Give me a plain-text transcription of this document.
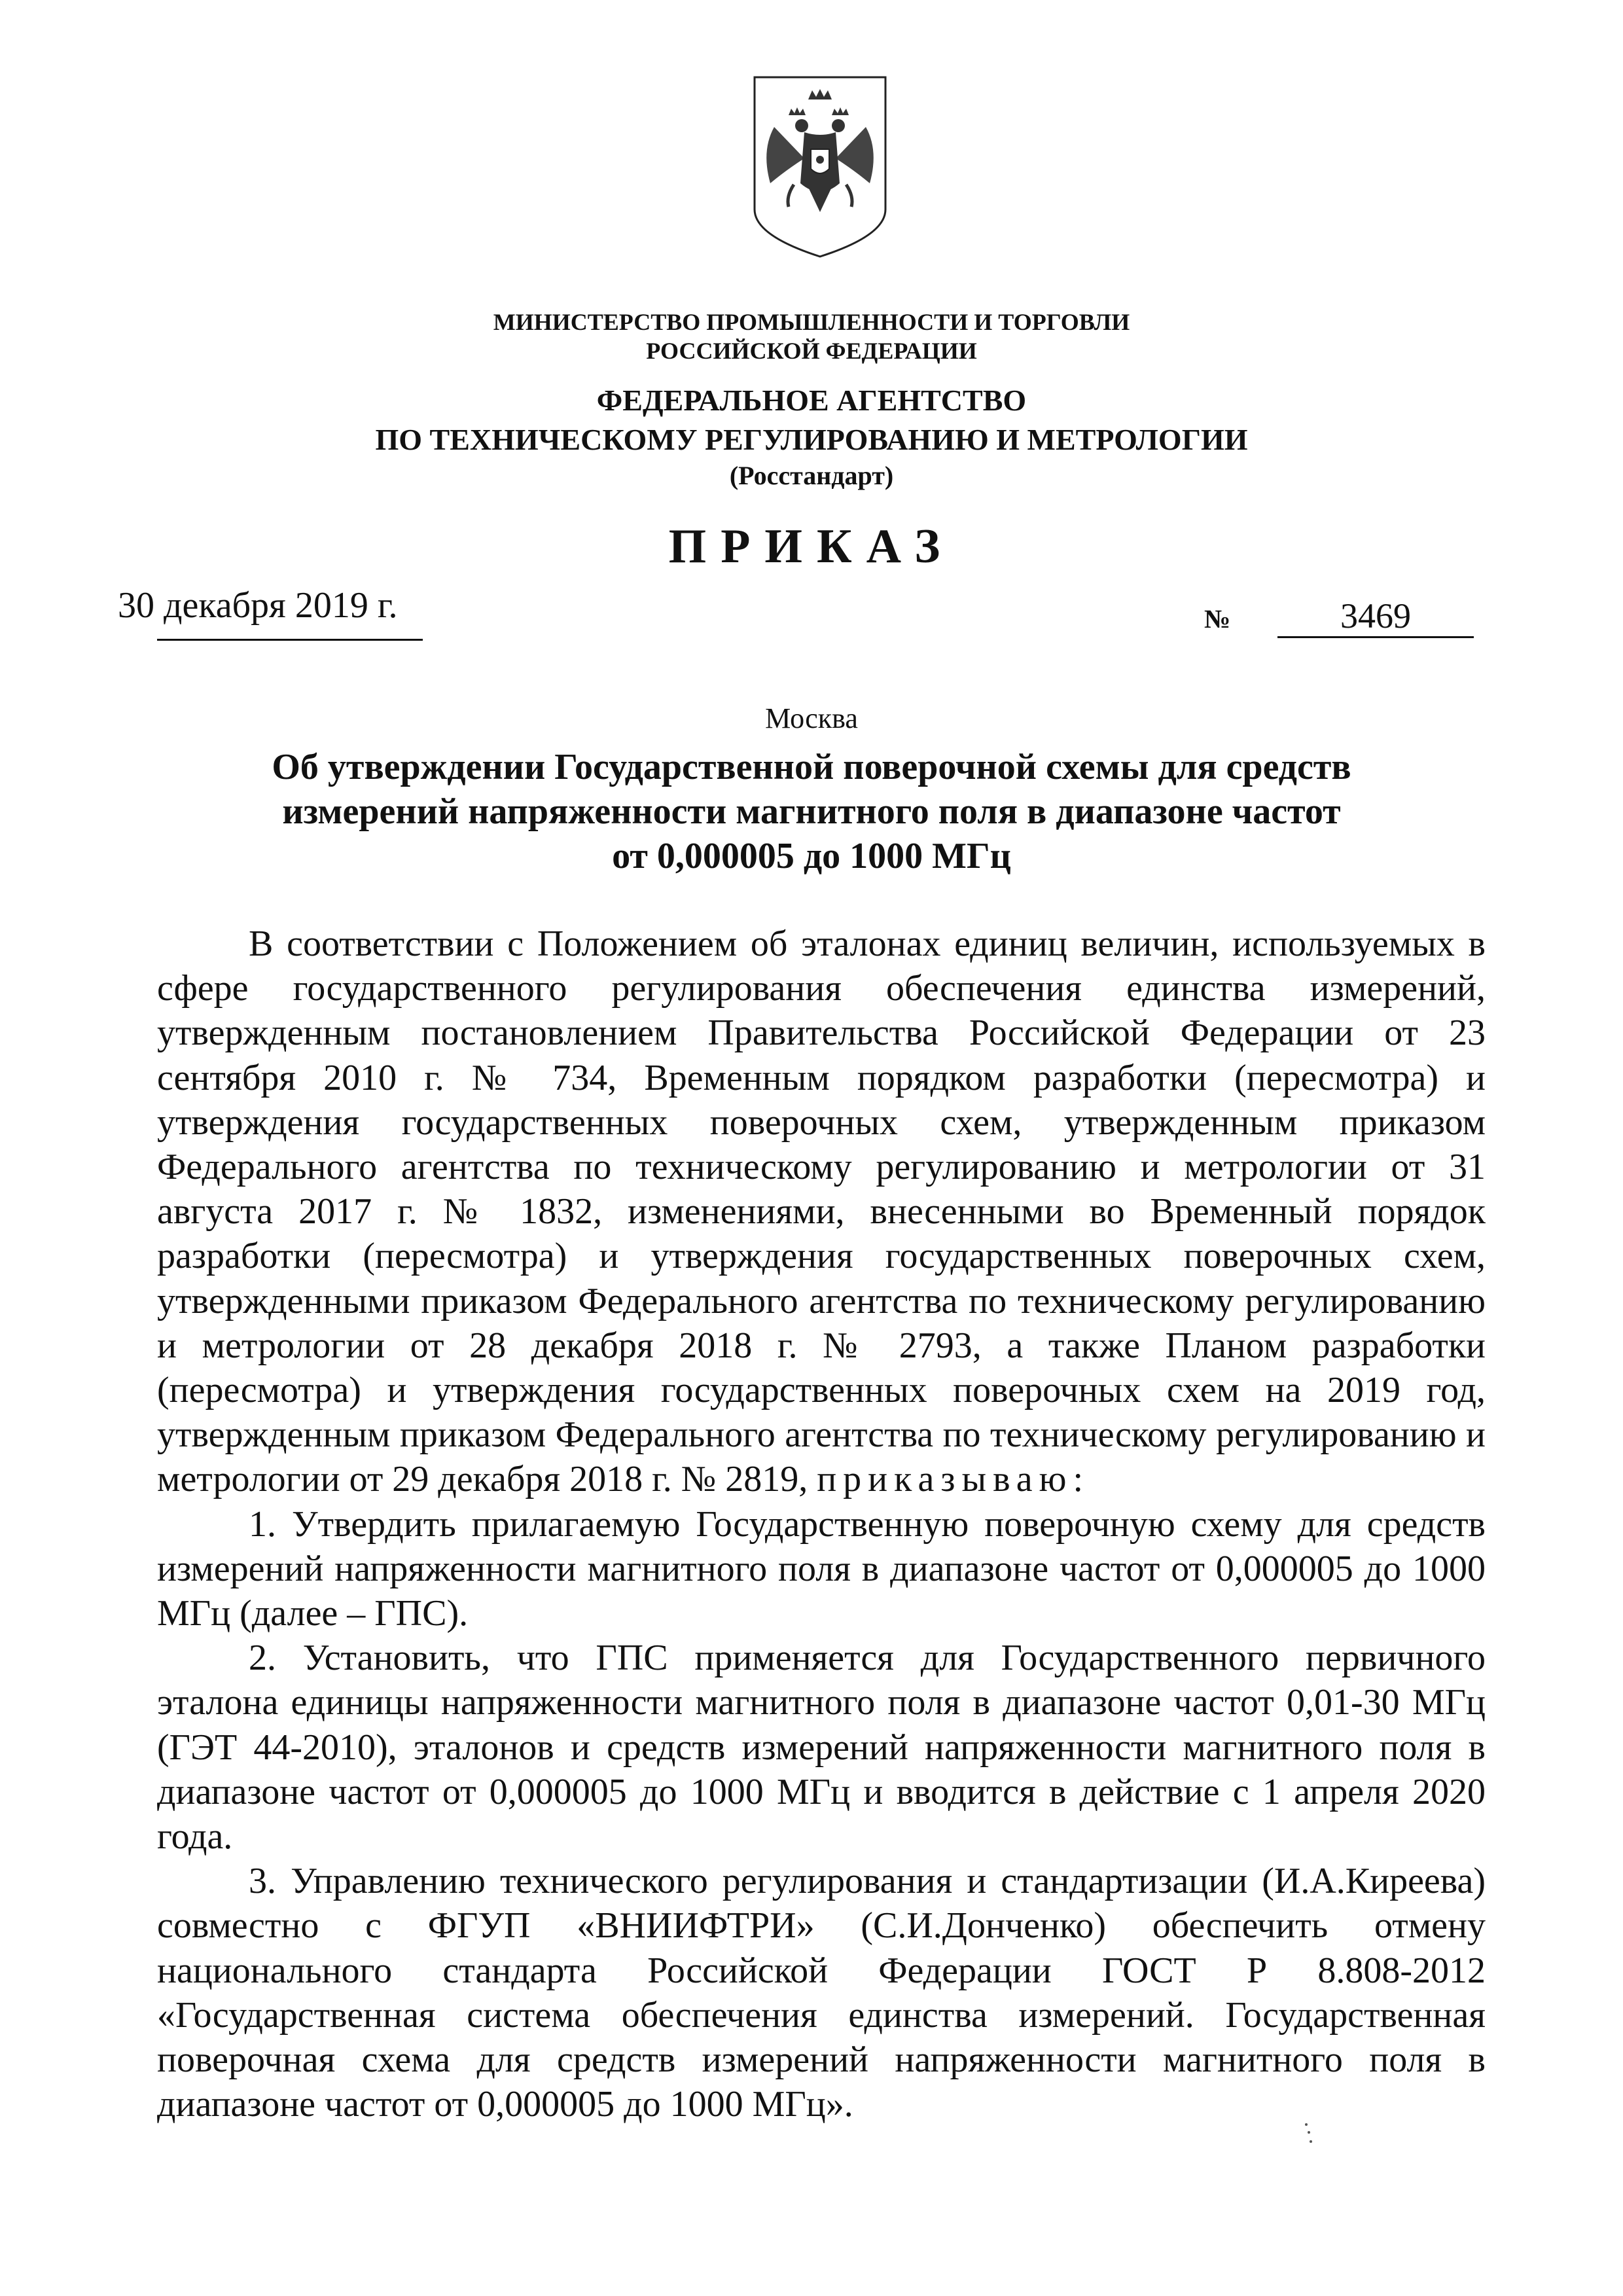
МИНИСТЕРСТВО ПРОМЫШЛЕННОСТИ И ТОРГОВЛИ
РОССИЙСКОЙ ФЕДЕРАЦИИ
ФЕДЕРАЛЬНОЕ АГЕНТСТВО
ПО ТЕХНИЧЕСКОМУ РЕГУЛИРОВАНИЮ И МЕТРОЛОГИИ
(Росстандарт)
ПРИКАЗ
30 декабря 2019 г.	№	3469
Москва
Об утверждении Государственной поверочной схемы для средств
измерений напряженности магнитного поля в диапазоне частот
от 0,000005 до 1000 МГц

В соответствии с Положением об эталонах единиц величин, используемых в сфере государственного регулирования обеспечения единства измерений, утвержденным постановлением Правительства Российской Федерации от 23 сентября 2010 г. № 734, Временным порядком разработки (пересмотра) и утверждения государственных поверочных схем, утвержденным приказом Федерального агентства по техническому регулированию и метрологии от 31 августа 2017 г. № 1832, изменениями, внесенными во Временный порядок разработки (пересмотра) и утверждения государственных поверочных схем, утвержденными приказом Федерального агентства по техническому регулированию и метрологии от 28 декабря 2018 г. № 2793, а также Планом разработки (пересмотра) и утверждения государственных поверочных схем на 2019 год, утвержденным приказом Федерального агентства по техническому регулированию и метрологии от 29 декабря 2018 г. № 2819, приказываю:

1. Утвердить прилагаемую Государственную поверочную схему для средств измерений напряженности магнитного поля в диапазоне частот от 0,000005 до 1000 МГц (далее – ГПС).

2. Установить, что ГПС применяется для Государственного первичного эталона единицы напряженности магнитного поля в диапазоне частот 0,01-30 МГц (ГЭТ 44-2010), эталонов и средств измерений напряженности магнитного поля в диапазоне частот от 0,000005 до 1000 МГц и вводится в действие с 1 апреля 2020 года.

3. Управлению технического регулирования и стандартизации (И.А.Киреева) совместно с ФГУП «ВНИИФТРИ» (С.И.Донченко) обеспечить отмену национального стандарта Российской Федерации ГОСТ Р 8.808-2012 «Государственная система обеспечения единства измерений. Государственная поверочная схема для средств измерений напряженности магнитного поля в диапазоне частот от 0,000005 до 1000 МГц».
